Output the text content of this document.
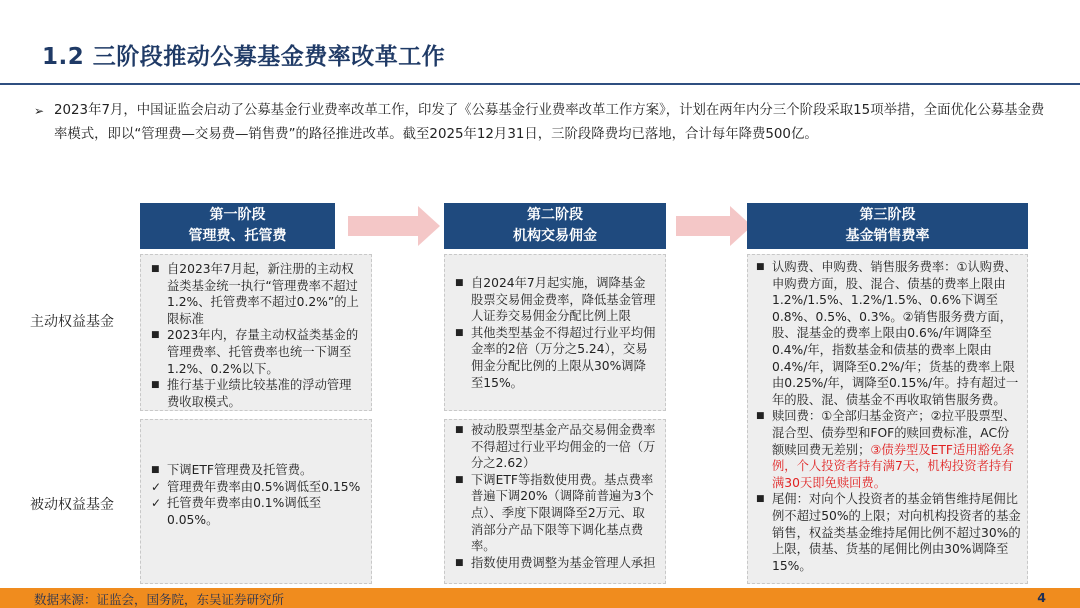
1.2 三阶段推动公募基金费率改革工作
➢ 2023年7月，中国证监会启动了公募基金行业费率改革工作，印发了《公募基金行业费率改革工作方案》，计划在两年内分三个阶段采取15项举措，全面优化公募基金费率模式，即以“管理费—交易费—销售费”的路径推进改革。截至2025年12月31日，三阶段降费均已落地，合计每年降费500亿。
第一阶段
管理费、托管费
第二阶段
机构交易佣金
第三阶段
基金销售费率
主动权益基金
被动权益基金
■ 自2023年7月起，新注册的主动权益类基金统一执行“管理费率不超过1.2%、托管费率不超过0.2%”的上限标准
■ 2023年内，存量主动权益类基金的管理费率、托管费率也统一下调至1.2%、0.2%以下。
■ 推行基于业绩比较基准的浮动管理费收取模式。
■ 下调ETF管理费及托管费。
✓ 管理费年费率由0.5%调低至0.15%
✓ 托管费年费率由0.1%调低至0.05%。
■ 自2024年7月起实施，调降基金股票交易佣金费率，降低基金管理人证券交易佣金分配比例上限
■ 其他类型基金不得超过行业平均佣金率的2倍（万分之5.24），交易佣金分配比例的上限从30%调降至15%。
■ 被动股票型基金产品交易佣金费率不得超过行业平均佣金的一倍（万分之2.62）
■ 下调ETF等指数使用费。基点费率普遍下调20%（调降前普遍为3个点）、季度下限调降至2万元、取消部分产品下限等下调化基点费率。
■ 指数使用费调整为基金管理人承担
■ 认购费、申购费、销售服务费率：①认购费、申购费方面，股、混合、债基的费率上限由1.2%/1.5%、1.2%/1.5%、0.6%下调至0.8%、0.5%、0.3%。②销售服务费方面，股、混基金的费率上限由0.6%/年调降至0.4%/年，指数基金和债基的费率上限由0.4%/年，调降至0.2%/年；货基的费率上限由0.25%/年，调降至0.15%/年。持有超过一年的股、混、债基金不再收取销售服务费。
■ 赎回费：①全部归基金资产；②拉平股票型、混合型、债券型和FOF的赎回费标准，AC份额赎回费无差别；③债券型及ETF适用豁免条例，个人投资者持有满7天，机构投资者持有满30天即免赎回费。
■ 尾佣：对向个人投资者的基金销售维持尾佣比例不超过50%的上限；对向机构投资者的基金销售，权益类基金维持尾佣比例不超过30%的上限，债基、货基的尾佣比例由30%调降至15%。
数据来源：证监会，国务院，东吴证券研究所	4
